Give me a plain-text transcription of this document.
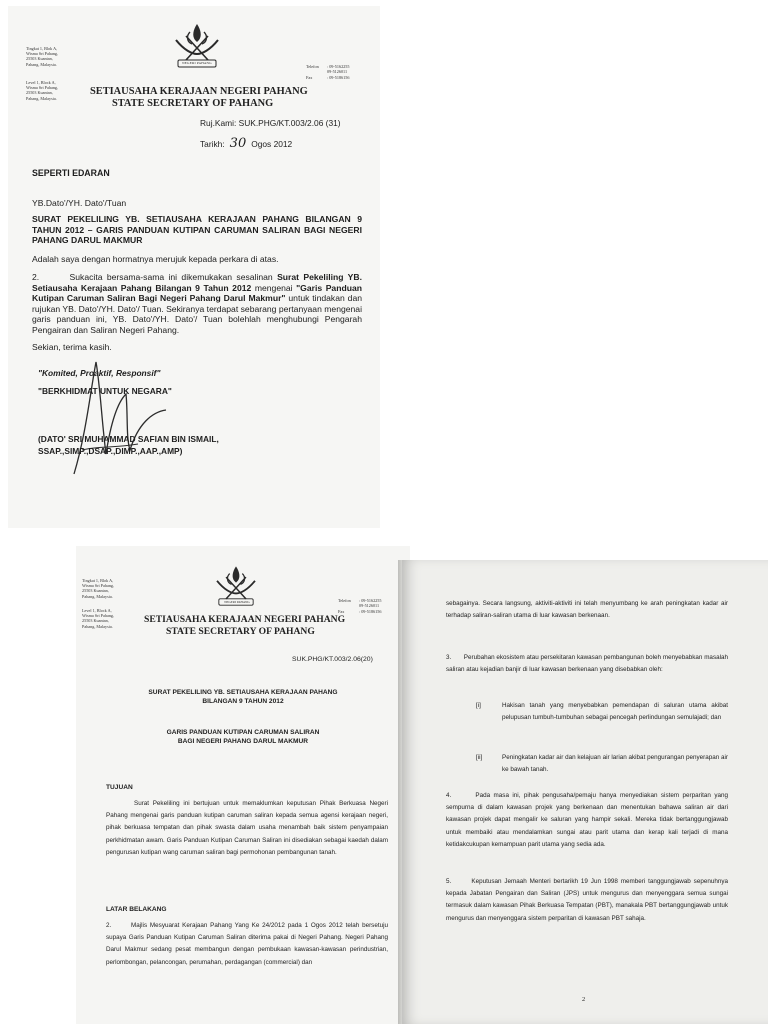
Tingkat 1, Blok A,
Wisma Sri Pahang,
25503 Kuantan,
Pahang, Malaysia.
Level 1, Block A,
Wisma Sri Pahang,
25503 Kuantan,
Pahang, Malaysia.
NEGERI PAHANG
Telefon	: 09-5162255
09-5126011
Fax	: 09-5186156
SETIAUSAHA KERAJAAN NEGERI PAHANG
STATE SECRETARY OF PAHANG
Ruj.Kami: SUK.PHG/KT.003/2.06 (31)
Tarikh: 30 Ogos 2012
SEPERTI EDARAN
YB.Dato'/YH. Dato'/Tuan
SURAT PEKELILING YB. SETIAUSAHA KERAJAAN PAHANG BILANGAN 9 TAHUN 2012 – GARIS PANDUAN KUTIPAN CARUMAN SALIRAN BAGI NEGERI PAHANG DARUL MAKMUR
Adalah saya dengan hormatnya merujuk kepada perkara di atas.
2.	Sukacita bersama-sama ini dikemukakan sesalinan Surat Pekeliling YB. Setiausaha Kerajaan Pahang Bilangan 9 Tahun 2012 mengenai "Garis Panduan Kutipan Caruman Saliran Bagi Negeri Pahang Darul Makmur" untuk tindakan dan rujukan YB. Dato'/YH. Dato'/ Tuan. Sekiranya terdapat sebarang pertanyaan mengenai garis panduan ini, YB. Dato'/YH. Dato'/ Tuan bolehlah menghubungi Pengarah Pengairan dan Saliran Negeri Pahang.
Sekian, terima kasih.
"Komited, Proaktif, Responsif"
"BERKHIDMAT UNTUK NEGARA"
(DATO' SRI MUHAMMAD SAFIAN BIN ISMAIL,
SSAP.,SIMP.,DSAP.,DIMP.,AAP.,AMP)
Tingkat 1, Blok A,
Wisma Sri Pahang,
25503 Kuantan,
Pahang, Malaysia.
Level 1, Block A,
Wisma Sri Pahang,
25503 Kuantan,
Pahang, Malaysia.
NEGERI PAHANG	Telefon	: 09-5162255
09-5126011
Fax	: 09-5186156
SETIAUSAHA KERAJAAN NEGERI PAHANG
STATE SECRETARY OF PAHANG
SUK.PHG/KT.003/2.06(20)
SURAT PEKELILING YB. SETIAUSAHA KERAJAAN PAHANG
BILANGAN 9 TAHUN 2012
GARIS PANDUAN KUTIPAN CARUMAN SALIRAN
BAGI NEGERI PAHANG DARUL MAKMUR
TUJUAN
Surat Pekeliling ini bertujuan untuk memaklumkan keputusan Pihak Berkuasa Negeri Pahang mengenai garis panduan kutipan caruman saliran kepada semua agensi kerajaan negeri, pihak berkuasa tempatan dan pihak swasta dalam usaha menambah baik sistem penyampaian perkhidmatan awam. Garis Panduan Kutipan Caruman Saliran ini disediakan sebagai kaedah dalam pengurusan kutipan wang caruman saliran bagi permohonan pembangunan tanah.
LATAR BELAKANG
2.	Majlis Mesyuarat Kerajaan Pahang Yang Ke 24/2012 pada 1 Ogos 2012 telah bersetuju supaya Garis Panduan Kutipan Caruman Saliran diterima pakai di Negeri Pahang. Negeri Pahang Darul Makmur sedang pesat membangun dengan pembukaan kawasan-kawasan perindustrian, perlombongan, pelancongan, perumahan, perdagangan (commercial) dan
sebagainya. Secara langsung, aktiviti-aktiviti ini telah menyumbang ke arah peningkatan kadar air terhadap saliran-saliran utama di luar kawasan berkenaan.
3. Perubahan ekosistem atau persekitaran kawasan pembangunan boleh menyebabkan masalah saliran atau kejadian banjir di luar kawasan berkenaan yang disebabkan oleh:
[i]	Hakisan tanah yang menyebabkan pemendapan di saluran utama akibat pelupusan tumbuh-tumbuhan sebagai pencegah perlindungan semulajadi; dan
[ii]	Peningkatan kadar air dan kelajuan air larian akibat pengurangan penyerapan air ke bawah tanah.
4.	Pada masa ini, pihak pengusaha/pemaju hanya menyediakan sistem perparitan yang sempurna di dalam kawasan projek yang berkenaan dan menentukan bahawa saliran air dari kawasan projek dapat mengalir ke saluran yang hampir sekali. Mereka tidak bertanggungjawab untuk membaiki atau mendalamkan sungai atau parit utama dan kerap kali terjadi di mana ketidakcukupan kemampuan parit utama yang sedia ada.
5.	Keputusan Jemaah Menteri bertarikh 19 Jun 1998 memberi tanggungjawab sepenuhnya kepada Jabatan Pengairan dan Saliran (JPS) untuk mengurus dan menyenggara semua sungai termasuk dalam kawasan Pihak Berkuasa Tempatan (PBT), manakala PBT bertanggungjawab untuk mengurus dan menyenggara sistem perparitan di kawasan PBT sahaja.
2
